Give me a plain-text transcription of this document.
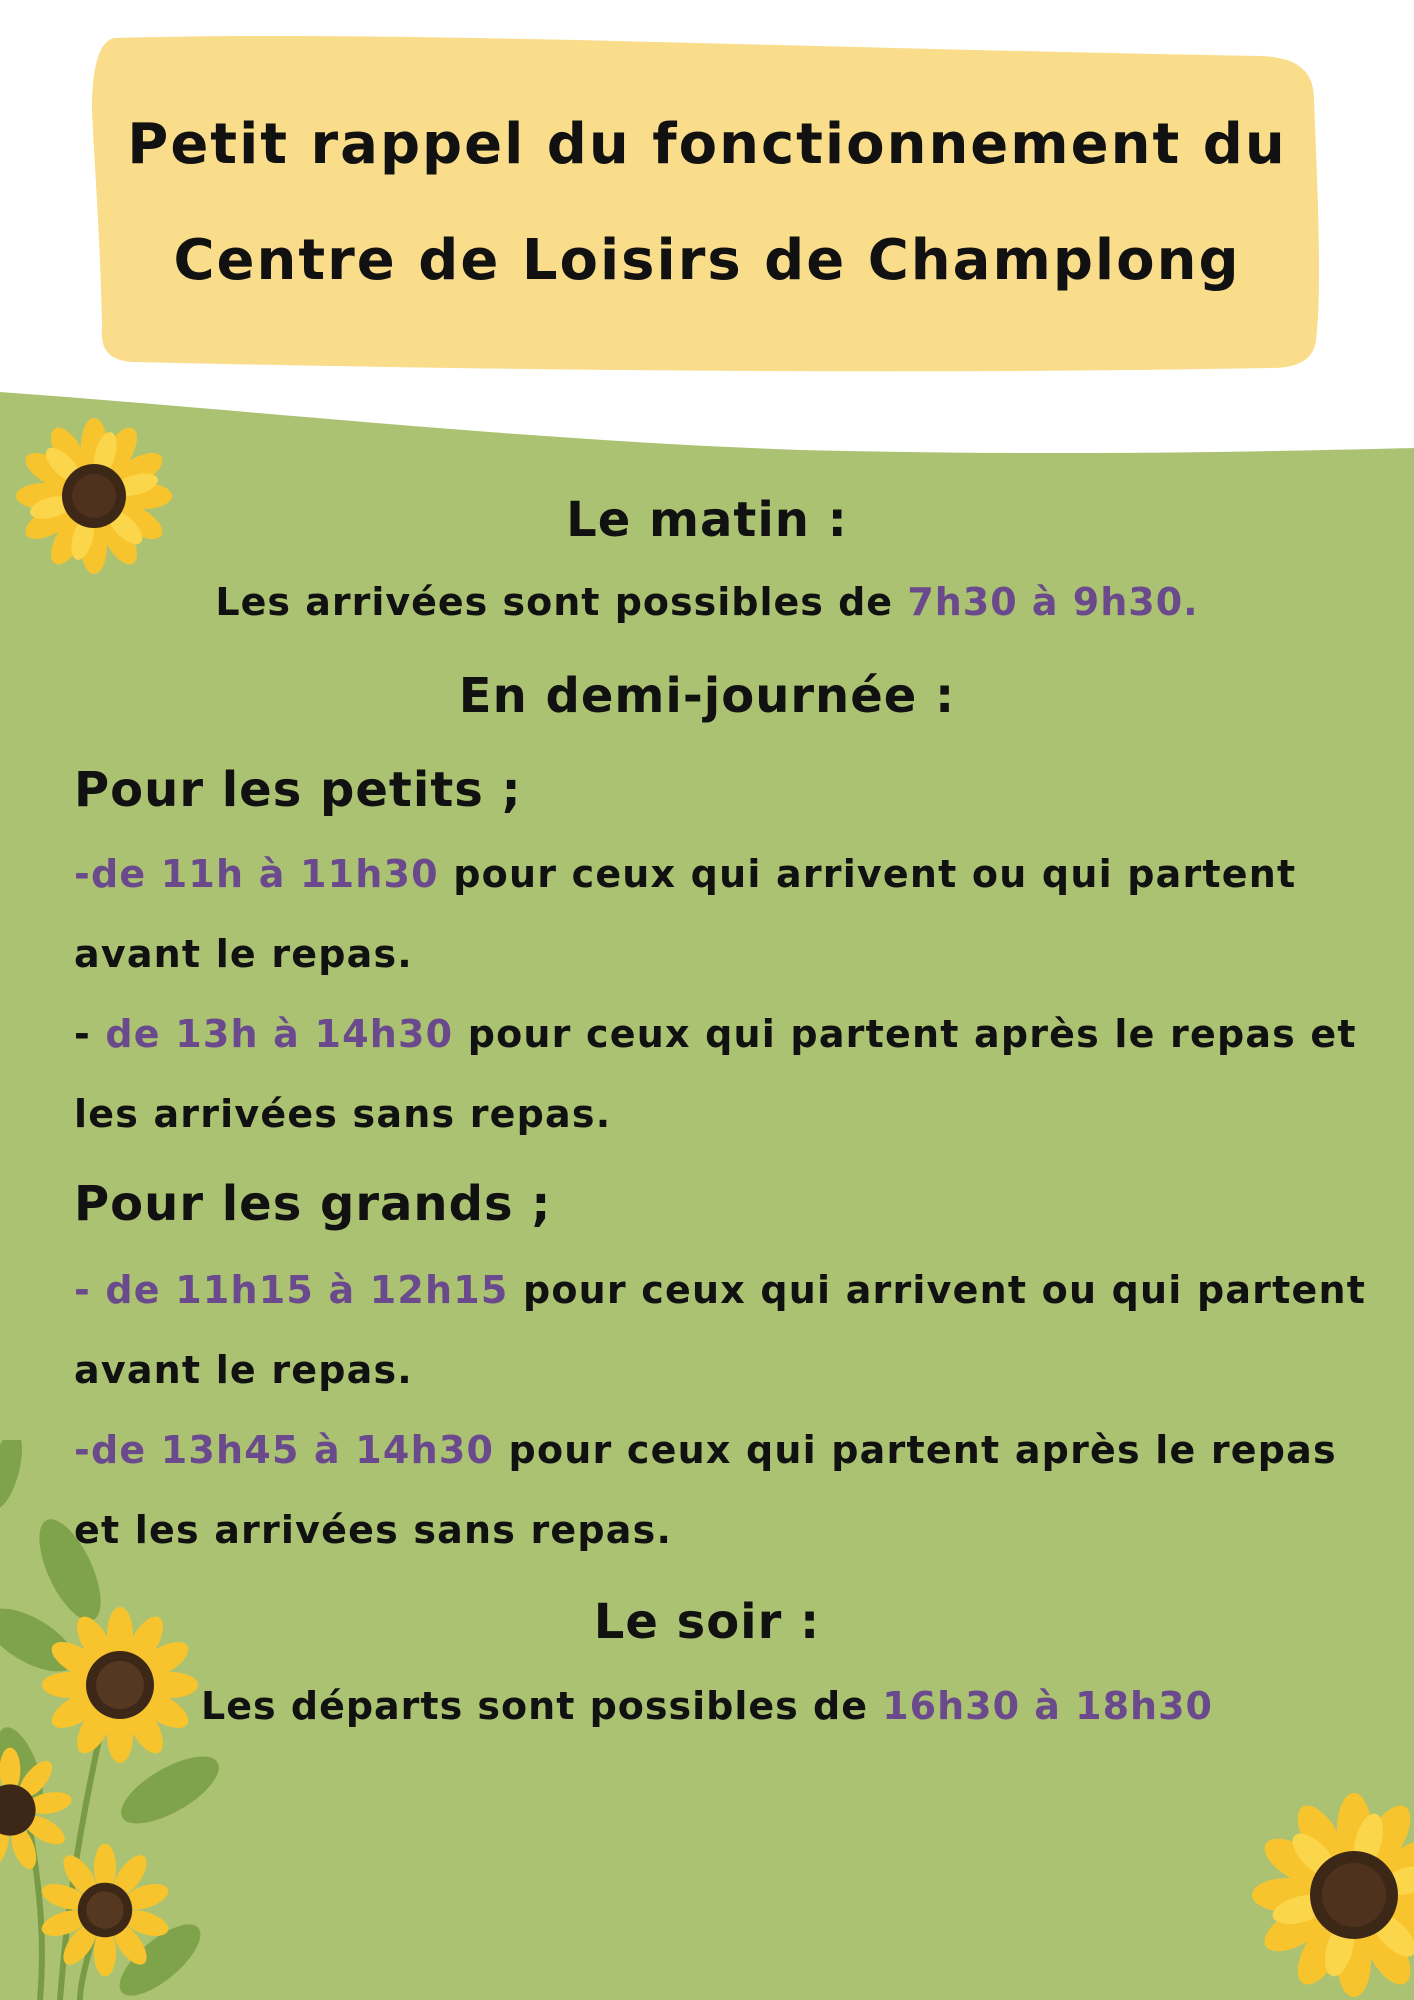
Petit rappel du fonctionnement du
Centre de Loisirs de Champlong
Le matin :
Les arrivées sont possibles de 7h30 à 9h30.
En demi-journée :
Pour les petits ;
-de 11h à 11h30 pour ceux qui arrivent ou qui partent
avant le repas.
- de 13h à 14h30 pour ceux qui partent après le repas et
les arrivées sans repas.
Pour les grands ;
- de 11h15 à 12h15 pour ceux qui arrivent ou qui partent
avant le repas.
-de 13h45 à 14h30 pour ceux qui partent après le repas
et les arrivées sans repas.
Le soir :
Les départs sont possibles de 16h30 à 18h30
